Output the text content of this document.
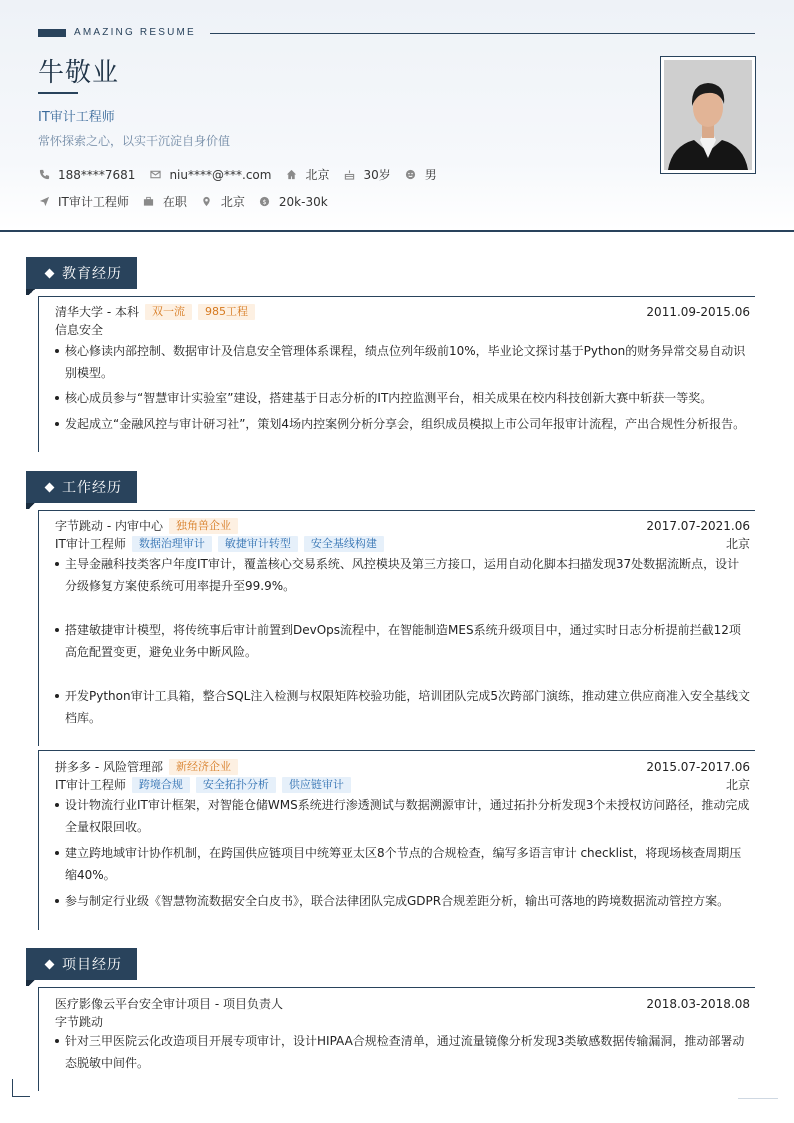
AMAZING RESUME
牛敬业
IT审计工程师
常怀探索之心，以实干沉淀自身价值
188****7681	niu****@***.com	北京	30岁	男
IT审计工程师	在职	北京	$ 20k-30k
教育经历
清华大学 - 本科	双一流	985工程	2011.09-2015.06
信息安全
核心修读内部控制、数据审计及信息安全管理体系课程，绩点位列年级前10%，毕业论文探讨基于Python的财务异常交易自动识别模型。
核心成员参与“智慧审计实验室”建设，搭建基于日志分析的IT内控监测平台，相关成果在校内科技创新大赛中斩获一等奖。
发起成立“金融风控与审计研习社”，策划4场内控案例分析分享会，组织成员模拟上市公司年报审计流程，产出合规性分析报告。
工作经历
字节跳动 - 内审中心	独角兽企业	2017.07-2021.06
IT审计工程师	数据治理审计	敏捷审计转型	安全基线构建	北京
主导金融科技类客户年度IT审计，覆盖核心交易系统、风控模块及第三方接口，运用自动化脚本扫描发现37处数据流断点，设计分级修复方案使系统可用率提升至99.9%。
搭建敏捷审计模型，将传统事后审计前置到DevOps流程中，在智能制造MES系统升级项目中，通过实时日志分析提前拦截12项高危配置变更，避免业务中断风险。
开发Python审计工具箱，整合SQL注入检测与权限矩阵校验功能，培训团队完成5次跨部门演练，推动建立供应商准入安全基线文档库。
拼多多 - 风险管理部	新经济企业	2015.07-2017.06
IT审计工程师	跨境合规	安全拓扑分析	供应链审计	北京
设计物流行业IT审计框架，对智能仓储WMS系统进行渗透测试与数据溯源审计，通过拓扑分析发现3个未授权访问路径，推动完成全量权限回收。
建立跨地域审计协作机制，在跨国供应链项目中统筹亚太区8个节点的合规检查，编写多语言审计 checklist，将现场核查周期压缩40%。
参与制定行业级《智慧物流数据安全白皮书》，联合法律团队完成GDPR合规差距分析，输出可落地的跨境数据流动管控方案。
项目经历
医疗影像云平台安全审计项目 - 项目负责人	2018.03-2018.08
字节跳动
针对三甲医院云化改造项目开展专项审计，设计HIPAA合规检查清单，通过流量镜像分析发现3类敏感数据传输漏洞，推动部署动态脱敏中间件。
